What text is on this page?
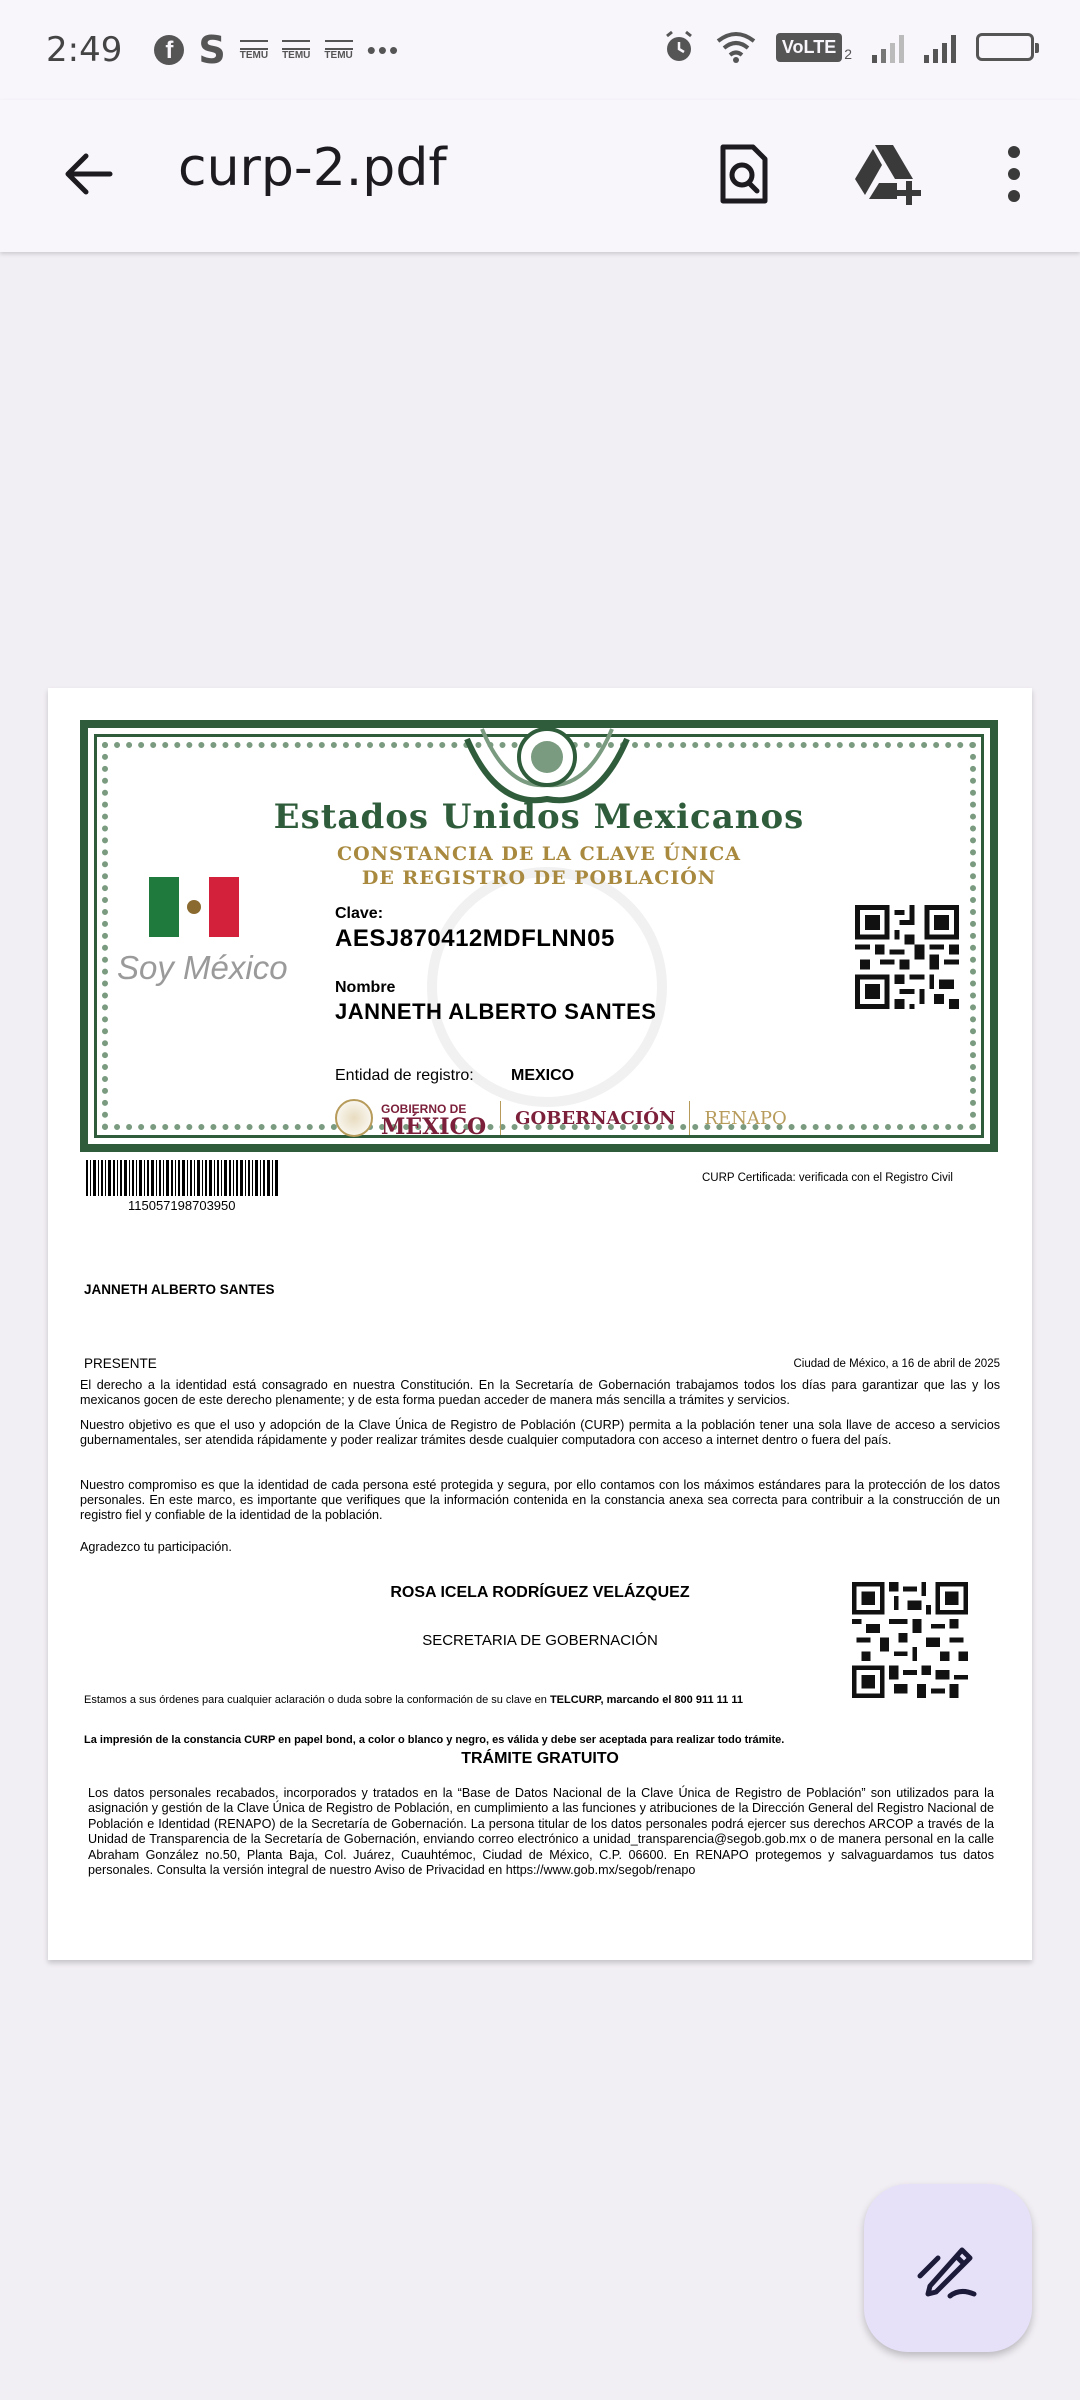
2:49	f S TEMU TEMU TEMU •••	VoLTE 2
curp-2.pdf
Estados Unidos Mexicanos
CONSTANCIA DE LA CLAVE ÚNICA
DE REGISTRO DE POBLACIÓN
Soy México
Clave:
AESJ870412MDFLNN05
Nombre
JANNETH ALBERTO SANTES
Entidad de registro: MEXICO
GOBIERNO DE
MÉXICO GOBERNACIÓN RENAPO
115057198703950
CURP Certificada: verificada con el Registro Civil
JANNETH ALBERTO SANTES
PRESENTE	Ciudad de México, a 16 de abril de 2025

El derecho a la identidad está consagrado en nuestra Constitución. En la Secretaría de Gobernación trabajamos todos los días para garantizar que las y los mexicanos gocen de este derecho plenamente; y de esta forma puedan acceder de manera más sencilla a trámites y servicios.

Nuestro objetivo es que el uso y adopción de la Clave Única de Registro de Población (CURP) permita a la población tener una sola llave de acceso a servicios gubernamentales, ser atendida rápidamente y poder realizar trámites desde cualquier computadora con acceso a internet dentro o fuera del país.

Nuestro compromiso es que la identidad de cada persona esté protegida y segura, por ello contamos con los máximos estándares para la protección de los datos personales. En este marco, es importante que verifiques que la información contenida en la constancia anexa sea correcta para contribuir a la construcción de un registro fiel y confiable de la identidad de la población.

Agradezco tu participación.

ROSA ICELA RODRÍGUEZ VELÁZQUEZ
SECRETARIA DE GOBERNACIÓN
Estamos a sus órdenes para cualquier aclaración o duda sobre la conformación de su clave en TELCURP, marcando el 800 911 11 11
La impresión de la constancia CURP en papel bond, a color o blanco y negro, es válida y debe ser aceptada para realizar todo trámite.
TRÁMITE GRATUITO

Los datos personales recabados, incorporados y tratados en la “Base de Datos Nacional de la Clave Única de Registro de Población” son utilizados para la asignación y gestión de la Clave Única de Registro de Población, en cumplimiento a las funciones y atribuciones de la Dirección General del Registro Nacional de Población e Identidad (RENAPO) de la Secretaría de Gobernación. La persona titular de los datos personales podrá ejercer sus derechos ARCOP a través de la Unidad de Transparencia de la Secretaría de Gobernación, enviando correo electrónico a unidad_transparencia@segob.gob.mx o de manera personal en la calle Abraham González no.50, Planta Baja, Col. Juárez, Cuauhtémoc, Ciudad de México, C.P. 06600. En RENAPO protegemos y salvaguardamos tus datos personales. Consulta la versión integral de nuestro Aviso de Privacidad en https://www.gob.mx/segob/renapo
